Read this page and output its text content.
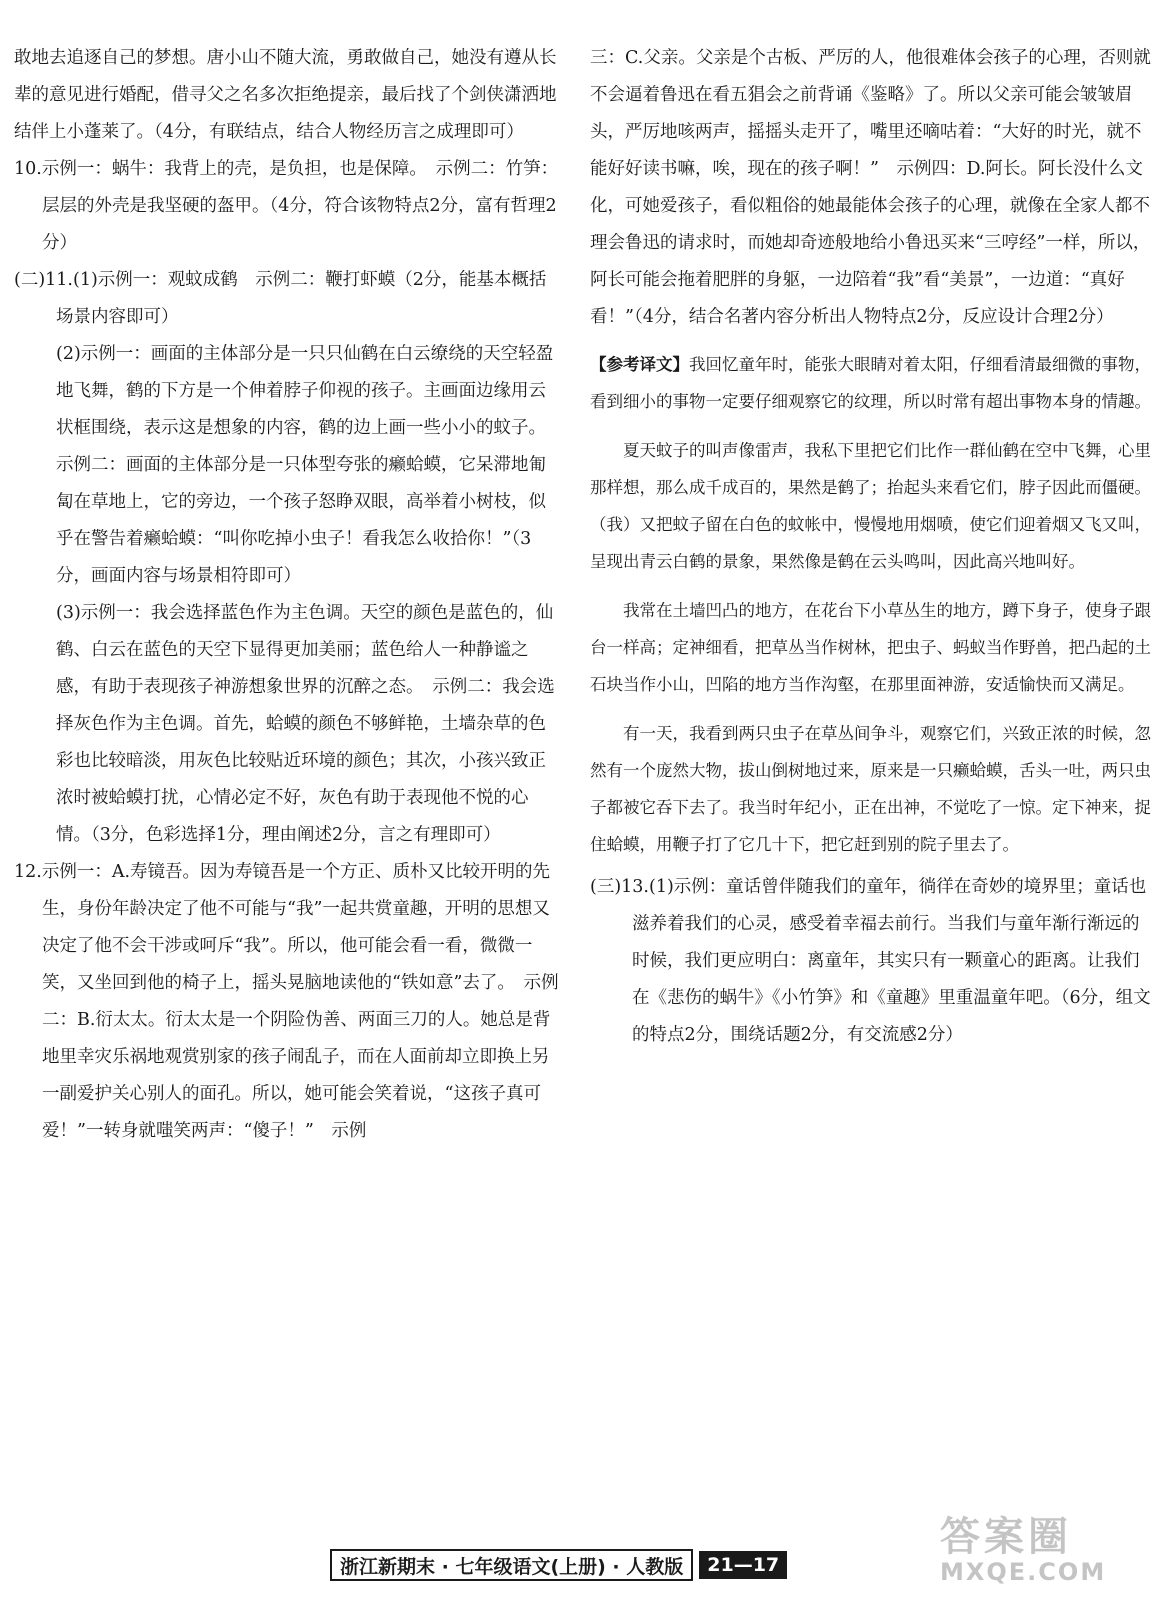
敢地去追逐自己的梦想。唐小山不随大流，勇敢做自己，她没有遵从长辈的意见进行婚配，借寻父之名多次拒绝提亲，最后找了个剑侠潇洒地结伴上小蓬莱了。（4分，有联结点，结合人物经历言之成理即可）

10.示例一：蜗牛：我背上的壳，是负担，也是保障。　示例二：竹笋：层层的外壳是我坚硬的盔甲。（4分，符合该物特点2分，富有哲理2分）

(二)11.(1)示例一：观蚊成鹤　示例二：鞭打虾蟆（2分，能基本概括场景内容即可）

(2)示例一：画面的主体部分是一只只仙鹤在白云缭绕的天空轻盈地飞舞，鹤的下方是一个伸着脖子仰视的孩子。主画面边缘用云状框围绕，表示这是想象的内容，鹤的边上画一些小小的蚊子。　示例二：画面的主体部分是一只体型夸张的癞蛤蟆，它呆滞地匍匐在草地上，它的旁边，一个孩子怒睁双眼，高举着小树枝，似乎在警告着癞蛤蟆：“叫你吃掉小虫子！看我怎么收拾你！”（3分，画面内容与场景相符即可）

(3)示例一：我会选择蓝色作为主色调。天空的颜色是蓝色的，仙鹤、白云在蓝色的天空下显得更加美丽；蓝色给人一种静谧之感，有助于表现孩子神游想象世界的沉醉之态。　示例二：我会选择灰色作为主色调。首先，蛤蟆的颜色不够鲜艳，土墙杂草的色彩也比较暗淡，用灰色比较贴近环境的颜色；其次，小孩兴致正浓时被蛤蟆打扰，心情必定不好，灰色有助于表现他不悦的心情。（3分，色彩选择1分，理由阐述2分，言之有理即可）

12.示例一：A.寿镜吾。因为寿镜吾是一个方正、质朴又比较开明的先生，身份年龄决定了他不可能与“我”一起共赏童趣，开明的思想又决定了他不会干涉或呵斥“我”。所以，他可能会看一看，微微一笑，又坐回到他的椅子上，摇头晃脑地读他的“铁如意”去了。　示例二：B.衍太太。衍太太是一个阴险伪善、两面三刀的人。她总是背地里幸灾乐祸地观赏别家的孩子闹乱子，而在人面前却立即换上另一副爱护关心别人的面孔。所以，她可能会笑着说，“这孩子真可爱！”一转身就嗤笑两声：“傻子！”　示例

三：C.父亲。父亲是个古板、严厉的人，他很难体会孩子的心理，否则就不会逼着鲁迅在看五猖会之前背诵《鉴略》了。所以父亲可能会皱皱眉头，严厉地咳两声，摇摇头走开了，嘴里还嘀咕着：“大好的时光，就不能好好读书嘛，唉，现在的孩子啊！”　示例四：D.阿长。阿长没什么文化，可她爱孩子，看似粗俗的她最能体会孩子的心理，就像在全家人都不理会鲁迅的请求时，而她却奇迹般地给小鲁迅买来“三哼经”一样，所以，阿长可能会拖着肥胖的身躯，一边陪着“我”看“美景”，一边道：“真好看！”（4分，结合名著内容分析出人物特点2分，反应设计合理2分）

【参考译文】我回忆童年时，能张大眼睛对着太阳，仔细看清最细微的事物，看到细小的事物一定要仔细观察它的纹理，所以时常有超出事物本身的情趣。

夏天蚊子的叫声像雷声，我私下里把它们比作一群仙鹤在空中飞舞，心里那样想，那么成千成百的，果然是鹤了；抬起头来看它们，脖子因此而僵硬。（我）又把蚊子留在白色的蚊帐中，慢慢地用烟喷，使它们迎着烟又飞又叫，呈现出青云白鹤的景象，果然像是鹤在云头鸣叫，因此高兴地叫好。

我常在土墙凹凸的地方，在花台下小草丛生的地方，蹲下身子，使身子跟台一样高；定神细看，把草丛当作树林，把虫子、蚂蚁当作野兽，把凸起的土石块当作小山，凹陷的地方当作沟壑，在那里面神游，安适愉快而又满足。

有一天，我看到两只虫子在草丛间争斗，观察它们，兴致正浓的时候，忽然有一个庞然大物，拔山倒树地过来，原来是一只癞蛤蟆，舌头一吐，两只虫子都被它吞下去了。我当时年纪小，正在出神，不觉吃了一惊。定下神来，捉住蛤蟆，用鞭子打了它几十下，把它赶到别的院子里去了。

(三)13.(1)示例：童话曾伴随我们的童年，徜徉在奇妙的境界里；童话也滋养着我们的心灵，感受着幸福去前行。当我们与童年渐行渐远的时候，我们更应明白：离童年，其实只有一颗童心的距离。让我们在《悲伤的蜗牛》《小竹笋》和《童趣》里重温童年吧。（6分，组文的特点2分，围绕话题2分，有交流感2分）

浙江新期末 · 七年级语文(上册) · 人教版	21—17
答案圈
MXQE.COM
